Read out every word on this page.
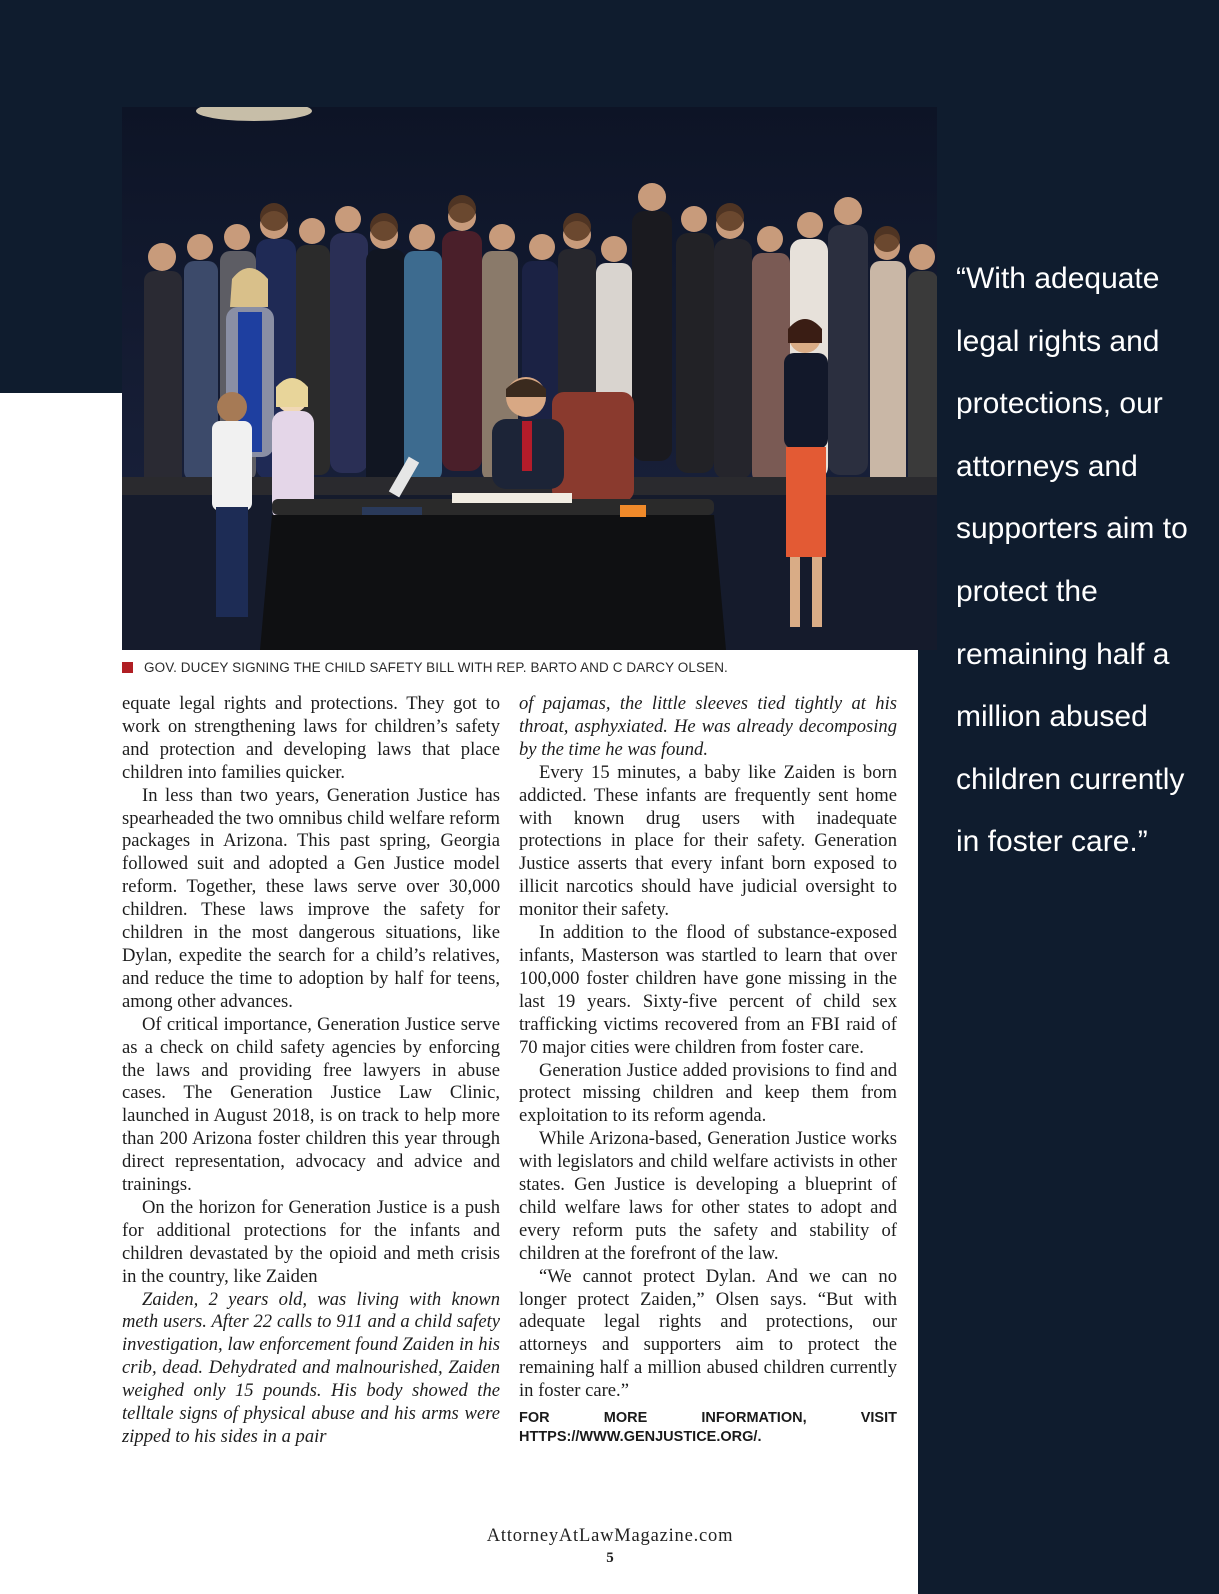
GOV. DUCEY SIGNING THE CHILD SAFETY BILL WITH REP. BARTO AND C DARCY OLSEN.

equate legal rights and protections. They got to work on strengthening laws for children’s safety and protection and developing laws that place children into families quicker.

In less than two years, Generation Justice has spearheaded the two omnibus child welfare reform packages in Arizona. This past spring, Georgia followed suit and adopted a Gen Justice model reform. Together, these laws serve over 30,000 children. These laws improve the safety for children in the most dangerous situations, like Dylan, expedite the search for a child’s relatives, and reduce the time to adoption by half for teens, among other advances.

Of critical importance, Generation Justice serve as a check on child safety agencies by enforcing the laws and providing free lawyers in abuse cases. The Generation Justice Law Clinic, launched in August 2018, is on track to help more than 200 Arizona foster children this year through direct representation, advocacy and advice and trainings.

On the horizon for Generation Justice is a push for additional protections for the infants and children devastated by the opioid and meth crisis in the country, like Zaiden

Zaiden, 2 years old, was living with known meth users. After 22 calls to 911 and a child safety investigation, law enforcement found Zaiden in his crib, dead. Dehydrated and malnourished, Zaiden weighed only 15 pounds. His body showed the telltale signs of physical abuse and his arms were zipped to his sides in a pair

of pajamas, the little sleeves tied tightly at his throat, asphyxiated. He was already decomposing by the time he was found.

Every 15 minutes, a baby like Zaiden is born addicted. These infants are frequently sent home with known drug users with inadequate protections in place for their safety. Generation Justice asserts that every infant born exposed to illicit narcotics should have judicial oversight to monitor their safety.

In addition to the flood of substance-exposed infants, Masterson was startled to learn that over 100,000 foster children have gone missing in the last 19 years. Sixty-five percent of child sex trafficking victims recovered from an FBI raid of 70 major cities were children from foster care.

Generation Justice added provisions to find and protect missing children and keep them from exploitation to its reform agenda.

While Arizona-based, Generation Justice works with legislators and child welfare activists in other states. Gen Justice is developing a blueprint of child welfare laws for other states to adopt and every reform puts the safety and stability of children at the forefront of the law.

“We cannot protect Dylan. And we can no longer protect Zaiden,” Olsen says. “But with adequate legal rights and protections, our attorneys and supporters aim to protect the remaining half a million abused children currently in foster care.”

FOR MORE INFORMATION, VISIT HTTPS://WWW.GENJUSTICE.ORG/.

“With adequate legal rights and protections, our attorneys and supporters aim to protect the remaining half a million abused children currently in foster care.”

AttorneyAtLawMagazine.com
5
